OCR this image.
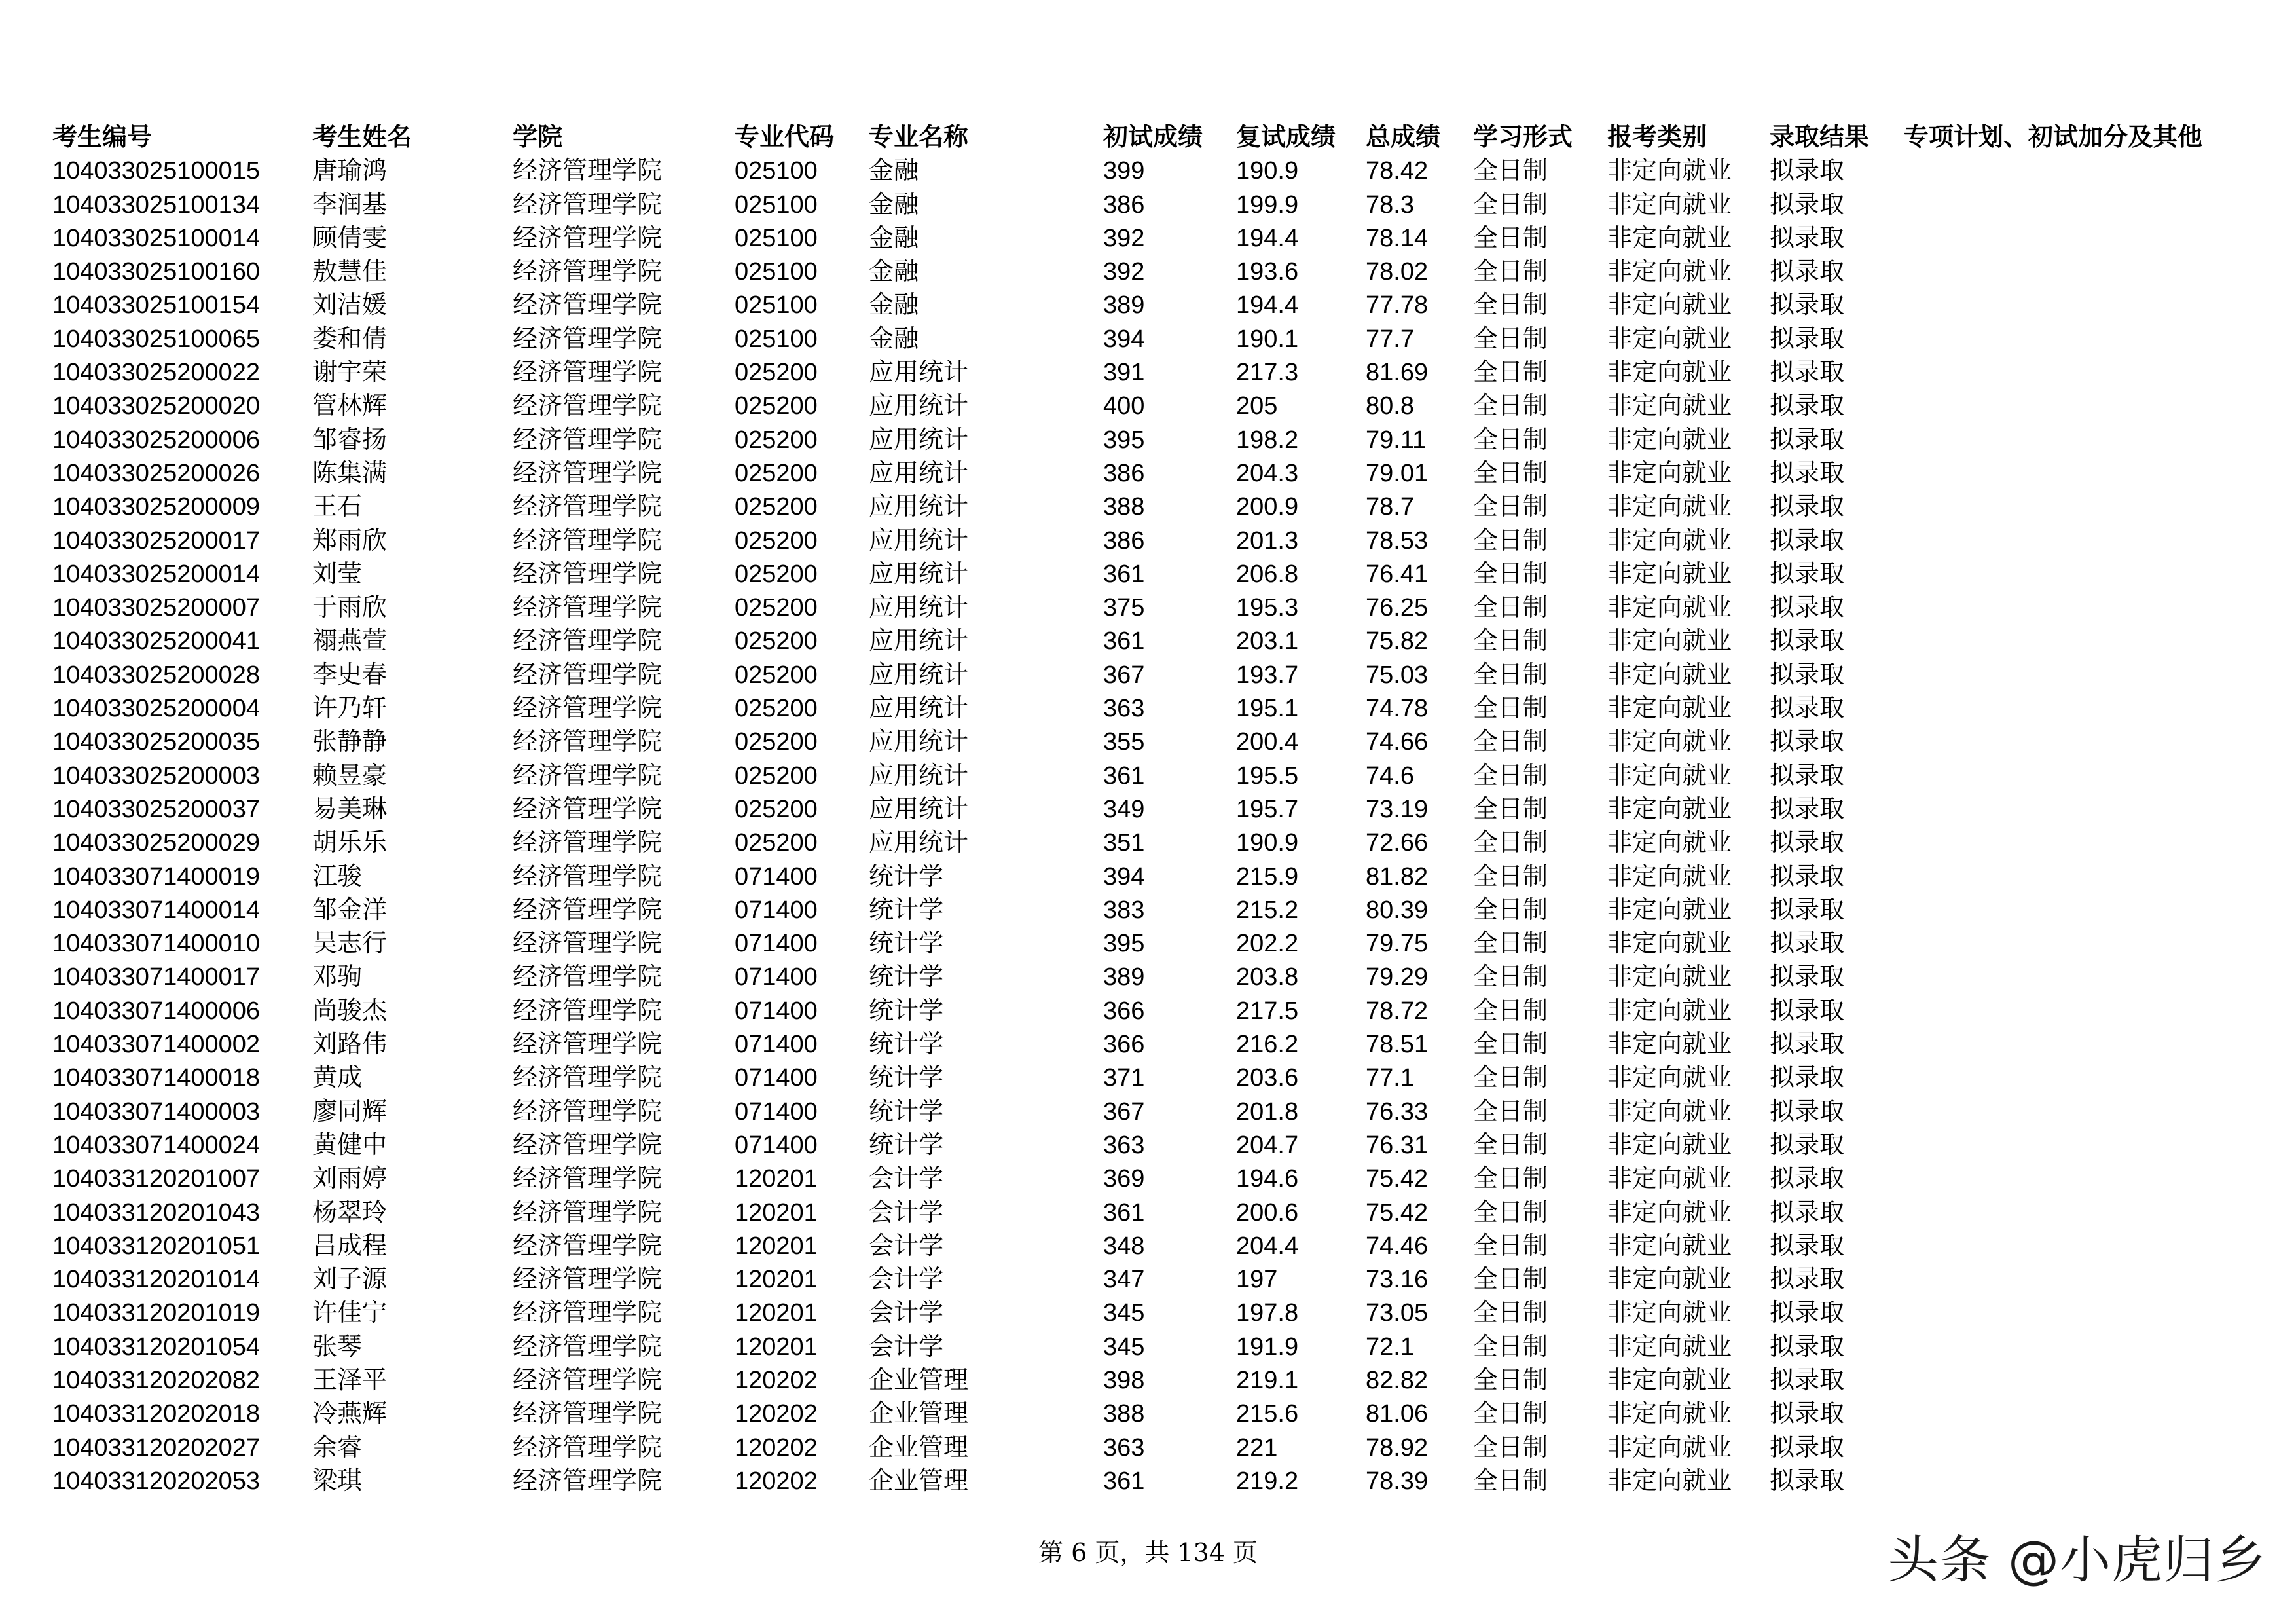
考生编号	考生姓名	学院	专业代码	专业名称	初试成绩	复试成绩	总成绩	学习形式	报考类别	录取结果	专项计划、初试加分及其他
104033025100015	唐瑜鸿	经济管理学院	025100	金融	399	190.9	78.42	全日制	非定向就业	拟录取	
104033025100134	李润基	经济管理学院	025100	金融	386	199.9	78.3	全日制	非定向就业	拟录取	
104033025100014	顾倩雯	经济管理学院	025100	金融	392	194.4	78.14	全日制	非定向就业	拟录取	
104033025100160	敖慧佳	经济管理学院	025100	金融	392	193.6	78.02	全日制	非定向就业	拟录取	
104033025100154	刘洁媛	经济管理学院	025100	金融	389	194.4	77.78	全日制	非定向就业	拟录取	
104033025100065	娄和倩	经济管理学院	025100	金融	394	190.1	77.7	全日制	非定向就业	拟录取	
104033025200022	谢宇荣	经济管理学院	025200	应用统计	391	217.3	81.69	全日制	非定向就业	拟录取	
104033025200020	管林辉	经济管理学院	025200	应用统计	400	205	80.8	全日制	非定向就业	拟录取	
104033025200006	邹睿扬	经济管理学院	025200	应用统计	395	198.2	79.11	全日制	非定向就业	拟录取	
104033025200026	陈集满	经济管理学院	025200	应用统计	386	204.3	79.01	全日制	非定向就业	拟录取	
104033025200009	王石	经济管理学院	025200	应用统计	388	200.9	78.7	全日制	非定向就业	拟录取	
104033025200017	郑雨欣	经济管理学院	025200	应用统计	386	201.3	78.53	全日制	非定向就业	拟录取	
104033025200014	刘莹	经济管理学院	025200	应用统计	361	206.8	76.41	全日制	非定向就业	拟录取	
104033025200007	于雨欣	经济管理学院	025200	应用统计	375	195.3	76.25	全日制	非定向就业	拟录取	
104033025200041	禤燕萱	经济管理学院	025200	应用统计	361	203.1	75.82	全日制	非定向就业	拟录取	
104033025200028	李史春	经济管理学院	025200	应用统计	367	193.7	75.03	全日制	非定向就业	拟录取	
104033025200004	许乃轩	经济管理学院	025200	应用统计	363	195.1	74.78	全日制	非定向就业	拟录取	
104033025200035	张静静	经济管理学院	025200	应用统计	355	200.4	74.66	全日制	非定向就业	拟录取	
104033025200003	赖昱豪	经济管理学院	025200	应用统计	361	195.5	74.6	全日制	非定向就业	拟录取	
104033025200037	易美琳	经济管理学院	025200	应用统计	349	195.7	73.19	全日制	非定向就业	拟录取	
104033025200029	胡乐乐	经济管理学院	025200	应用统计	351	190.9	72.66	全日制	非定向就业	拟录取	
104033071400019	江骏	经济管理学院	071400	统计学	394	215.9	81.82	全日制	非定向就业	拟录取	
104033071400014	邹金洋	经济管理学院	071400	统计学	383	215.2	80.39	全日制	非定向就业	拟录取	
104033071400010	吴志行	经济管理学院	071400	统计学	395	202.2	79.75	全日制	非定向就业	拟录取	
104033071400017	邓驹	经济管理学院	071400	统计学	389	203.8	79.29	全日制	非定向就业	拟录取	
104033071400006	尚骏杰	经济管理学院	071400	统计学	366	217.5	78.72	全日制	非定向就业	拟录取	
104033071400002	刘路伟	经济管理学院	071400	统计学	366	216.2	78.51	全日制	非定向就业	拟录取	
104033071400018	黄成	经济管理学院	071400	统计学	371	203.6	77.1	全日制	非定向就业	拟录取	
104033071400003	廖同辉	经济管理学院	071400	统计学	367	201.8	76.33	全日制	非定向就业	拟录取	
104033071400024	黄健中	经济管理学院	071400	统计学	363	204.7	76.31	全日制	非定向就业	拟录取	
104033120201007	刘雨婷	经济管理学院	120201	会计学	369	194.6	75.42	全日制	非定向就业	拟录取	
104033120201043	杨翠玲	经济管理学院	120201	会计学	361	200.6	75.42	全日制	非定向就业	拟录取	
104033120201051	吕成程	经济管理学院	120201	会计学	348	204.4	74.46	全日制	非定向就业	拟录取	
104033120201014	刘子源	经济管理学院	120201	会计学	347	197	73.16	全日制	非定向就业	拟录取	
104033120201019	许佳宁	经济管理学院	120201	会计学	345	197.8	73.05	全日制	非定向就业	拟录取	
104033120201054	张琴	经济管理学院	120201	会计学	345	191.9	72.1	全日制	非定向就业	拟录取	
104033120202082	王泽平	经济管理学院	120202	企业管理	398	219.1	82.82	全日制	非定向就业	拟录取	
104033120202018	冷燕辉	经济管理学院	120202	企业管理	388	215.6	81.06	全日制	非定向就业	拟录取	
104033120202027	余睿	经济管理学院	120202	企业管理	363	221	78.92	全日制	非定向就业	拟录取	
104033120202053	梁琪	经济管理学院	120202	企业管理	361	219.2	78.39	全日制	非定向就业	拟录取	
第 6 页，共 134 页	头条 @小虎归乡
